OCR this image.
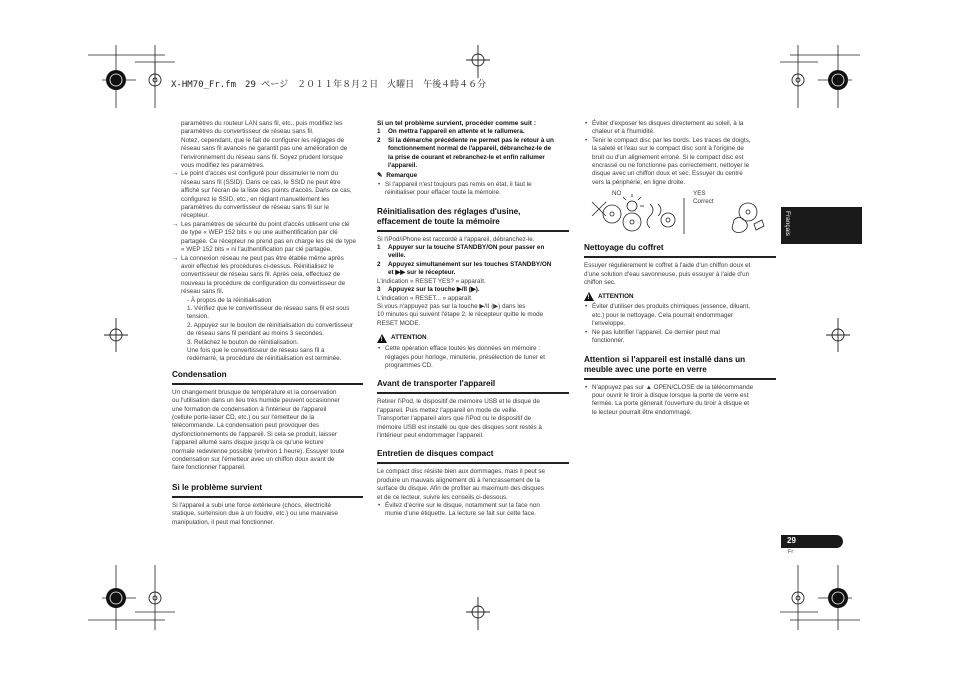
X-HM70_Fr.fm　29 ページ　２０１１年８月２日　火曜日　午後４時４６分
Français
29
Fr

paramètres du routeur LAN sans fil, etc., puis modifiez les

paramètres du convertisseur de réseau sans fil.

Notez, cependant, que le fait de configurer les réglages de

réseau sans fil avancés ne garantit pas une amélioration de

l'environnement du réseau sans fil. Soyez prudent lorsque

vous modifiez les paramètres.

→ Le point d'accès est configuré pour dissimuler le nom du

réseau sans fil (SSID). Dans ce cas, le SSID ne peut être

affiché sur l'écran de la liste des points d'accès. Dans ce cas,

configurez le SSID, etc., en réglant manuellement les

paramètres du convertisseur de réseau sans fil sur le

récepteur.

→ Les paramètres de sécurité du point d'accès utilisent une clé

de type « WEP 152 bits » ou une authentification par clé

partagée. Ce récepteur ne prend pas en charge les clé de type

« WEP 152 bits » ni l'authentification par clé partagée.

→ La connexion réseau ne peut pas être établie même après

avoir effectué les procédures ci-dessus. Réinitialisez le

convertisseur de réseau sans fil. Après cela, effectuez de

nouveau la procédure de configuration du convertisseur de

réseau sans fil.

- À propos de la réinitialisation

1. Vérifiez que le convertisseur de réseau sans fil est sous

tension.

2. Appuyez sur le bouton de réinitialisation du convertisseur

de réseau sans fil pendant au moins 3 secondes.

3. Relâchez le bouton de réinitialisation.

Une fois que le convertisseur de réseau sans fil a

redémarré, la procédure de réinitialisation est terminée.

Condensation

Un changement brusque de température et la conservation

ou l'utilisation dans un lieu très humide peuvent occasionner

une formation de condensation à l'intérieur de l'appareil

(cellule porte-laser CD, etc.) ou sur l'émetteur de la

télécommande. La condensation peut provoquer des

dysfonctionnements de l'appareil. Si cela se produit, laisser

l'appareil allumé sans disque jusqu'à ce qu'une lecture

normale redevienne possible (environ 1 heure). Essuyer toute

condensation sur l'émetteur avec un chiffon doux avant de

faire fonctionner l'appareil.

Si le problème survient

Si l'appareil a subi une force extérieure (chocs, électricité

statique, surtension due à un foudre, etc.) ou une mauvaise

manipulation, il peut mal fonctionner.

Si un tel problème survient, procéder comme suit :

1 On mettra l'appareil en attente et le rallumera.

2 Si la démarche précédente ne permet pas le retour à un

fonctionnement normal de l'appareil, débranchez-le de

la prise de courant et rebranchez-le et enfin rallumer

l'appareil.

✎ Remarque
• Si l'appareil n'est toujours pas remis en état, il faut le

réinitialiser pour effacer toute la mémoire.

Réinitialisation des réglages d'usine,
effacement de toute la mémoire

Si l'iPod/iPhone est raccordé à l'appareil, débranchez-le.

1 Appuyer sur la touche STANDBY/ON pour passer en

veille.

2 Appuyez simultanément sur les touches STANDBY/ON

et ▶▶ sur le récepteur.

L'indication « RESET YES? » apparaît.

3 Appuyez sur la touche ▶/II (▶).

L'indication « RESET... » apparaît.

Si vous n'appuyez pas sur la touche ▶/II (▶) dans les

10 minutes qui suivent l'étape 2, le récepteur quitte le mode

RESET MODE.

!
ATTENTION
• Cette opération efface toutes les données en mémoire :

réglages pour horloge, minuterie, présélection de tuner et

programmes CD.

Avant de transporter l'appareil

Retirer l'iPod, le dispositif de mémoire USB et le disque de

l'appareil. Puis mettez l'appareil en mode de veille.

Transporter l'appareil alors que l'iPod ou le dispositif de

mémoire USB est installé ou que des disques sont restés à

l'intérieur peut endommager l'appareil.

Entretien de disques compact

Le compact disc résiste bien aux dommages, mais il peut se

produire un mauvais alignement dû à l'encrassement de la

surface du disque. Afin de profiter au maximum des disques

et de ce lecteur, suivre les conseils ci-dessous.

• Évitez d'écrire sur le disque, notamment sur la face non

munie d'une étiquette. La lecture se fait sur cette face.

• Éviter d'exposer les disques directement au soleil, à la

chaleur et à l'humidité.

• Tenir le compact disc par les bords. Les traces de doigts,

la saleté et l'eau sur le compact disc sont à l'origine de

bruit ou d'un alignement erroné. Si le compact disc est

encrassé ou ne fonctionne pas correctement, nettoyer le

disque avec un chiffon doux et sec. Essuyer du centre

vers la périphérie, en ligne droite.

NO	YES
Correct
Nettoyage du coffret

Essuyer régulièrement le coffret à l'aide d'un chiffon doux et

d'une solution d'eau savonneuse, puis essuyer à l'aide d'un

chiffon sec.

!
ATTENTION
• Éviter d'utiliser des produits chimiques (essence, diluant,

etc.) pour le nettoyage. Cela pourrait endommager

l'enveloppe.

• Ne pas lubrifier l'appareil. Ce dernier peut mal

fonctionner.

Attention si l'appareil est installé dans un
meuble avec une porte en verre
• N'appuyez pas sur ▲ OPEN/CLOSE de la télécommande

pour ouvrir le tiroir à disque lorsque la porte de verre est

fermée. La porte gênerait l'ouverture du tiroir à disque et

le lecteur pourrait être endommagé.
